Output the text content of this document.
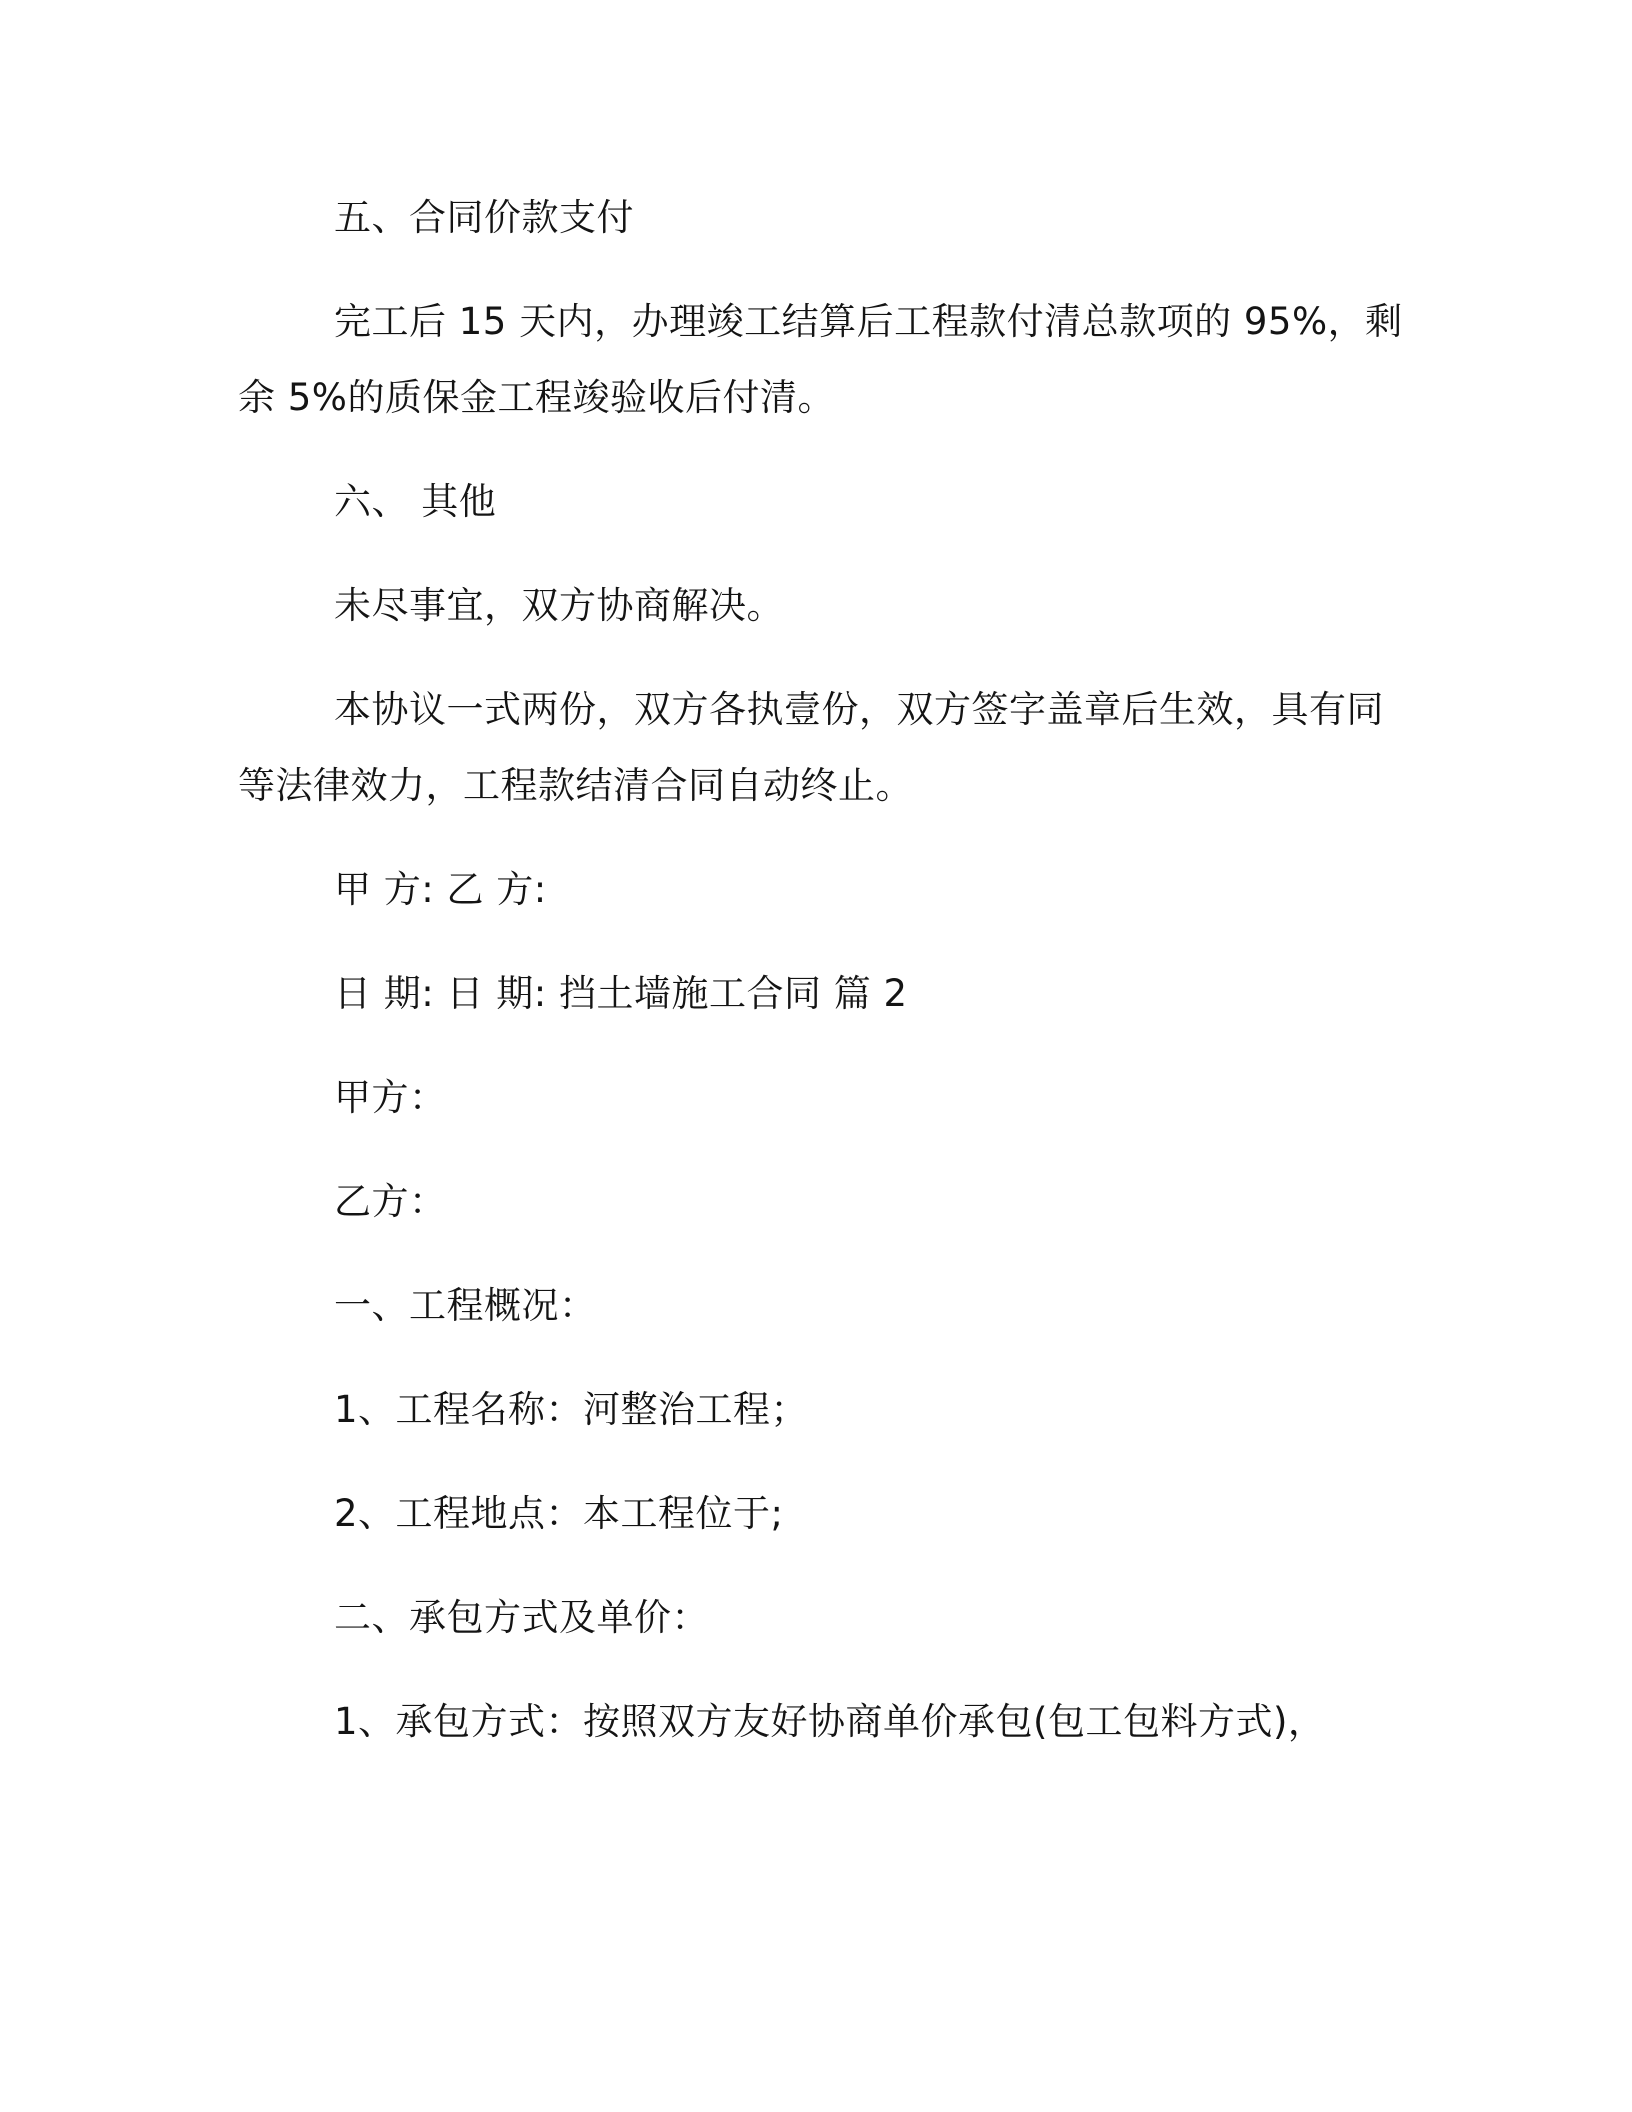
五、合同价款支付
完工后 15 天内，办理竣工结算后工程款付清总款项的 95%，剩
余 5%的质保金工程竣验收后付清。
六、 其他
未尽事宜，双方协商解决。
本协议一式两份，双方各执壹份，双方签字盖章后生效，具有同
等法律效力，工程款结清合同自动终止。
甲 方: 乙 方:
日 期: 日 期: 挡土墙施工合同 篇 2
甲方：
乙方：
一、工程概况：
1、工程名称：河整治工程；
2、工程地点：本工程位于;
二、承包方式及单价：
1、承包方式：按照双方友好协商单价承包(包工包料方式)，
